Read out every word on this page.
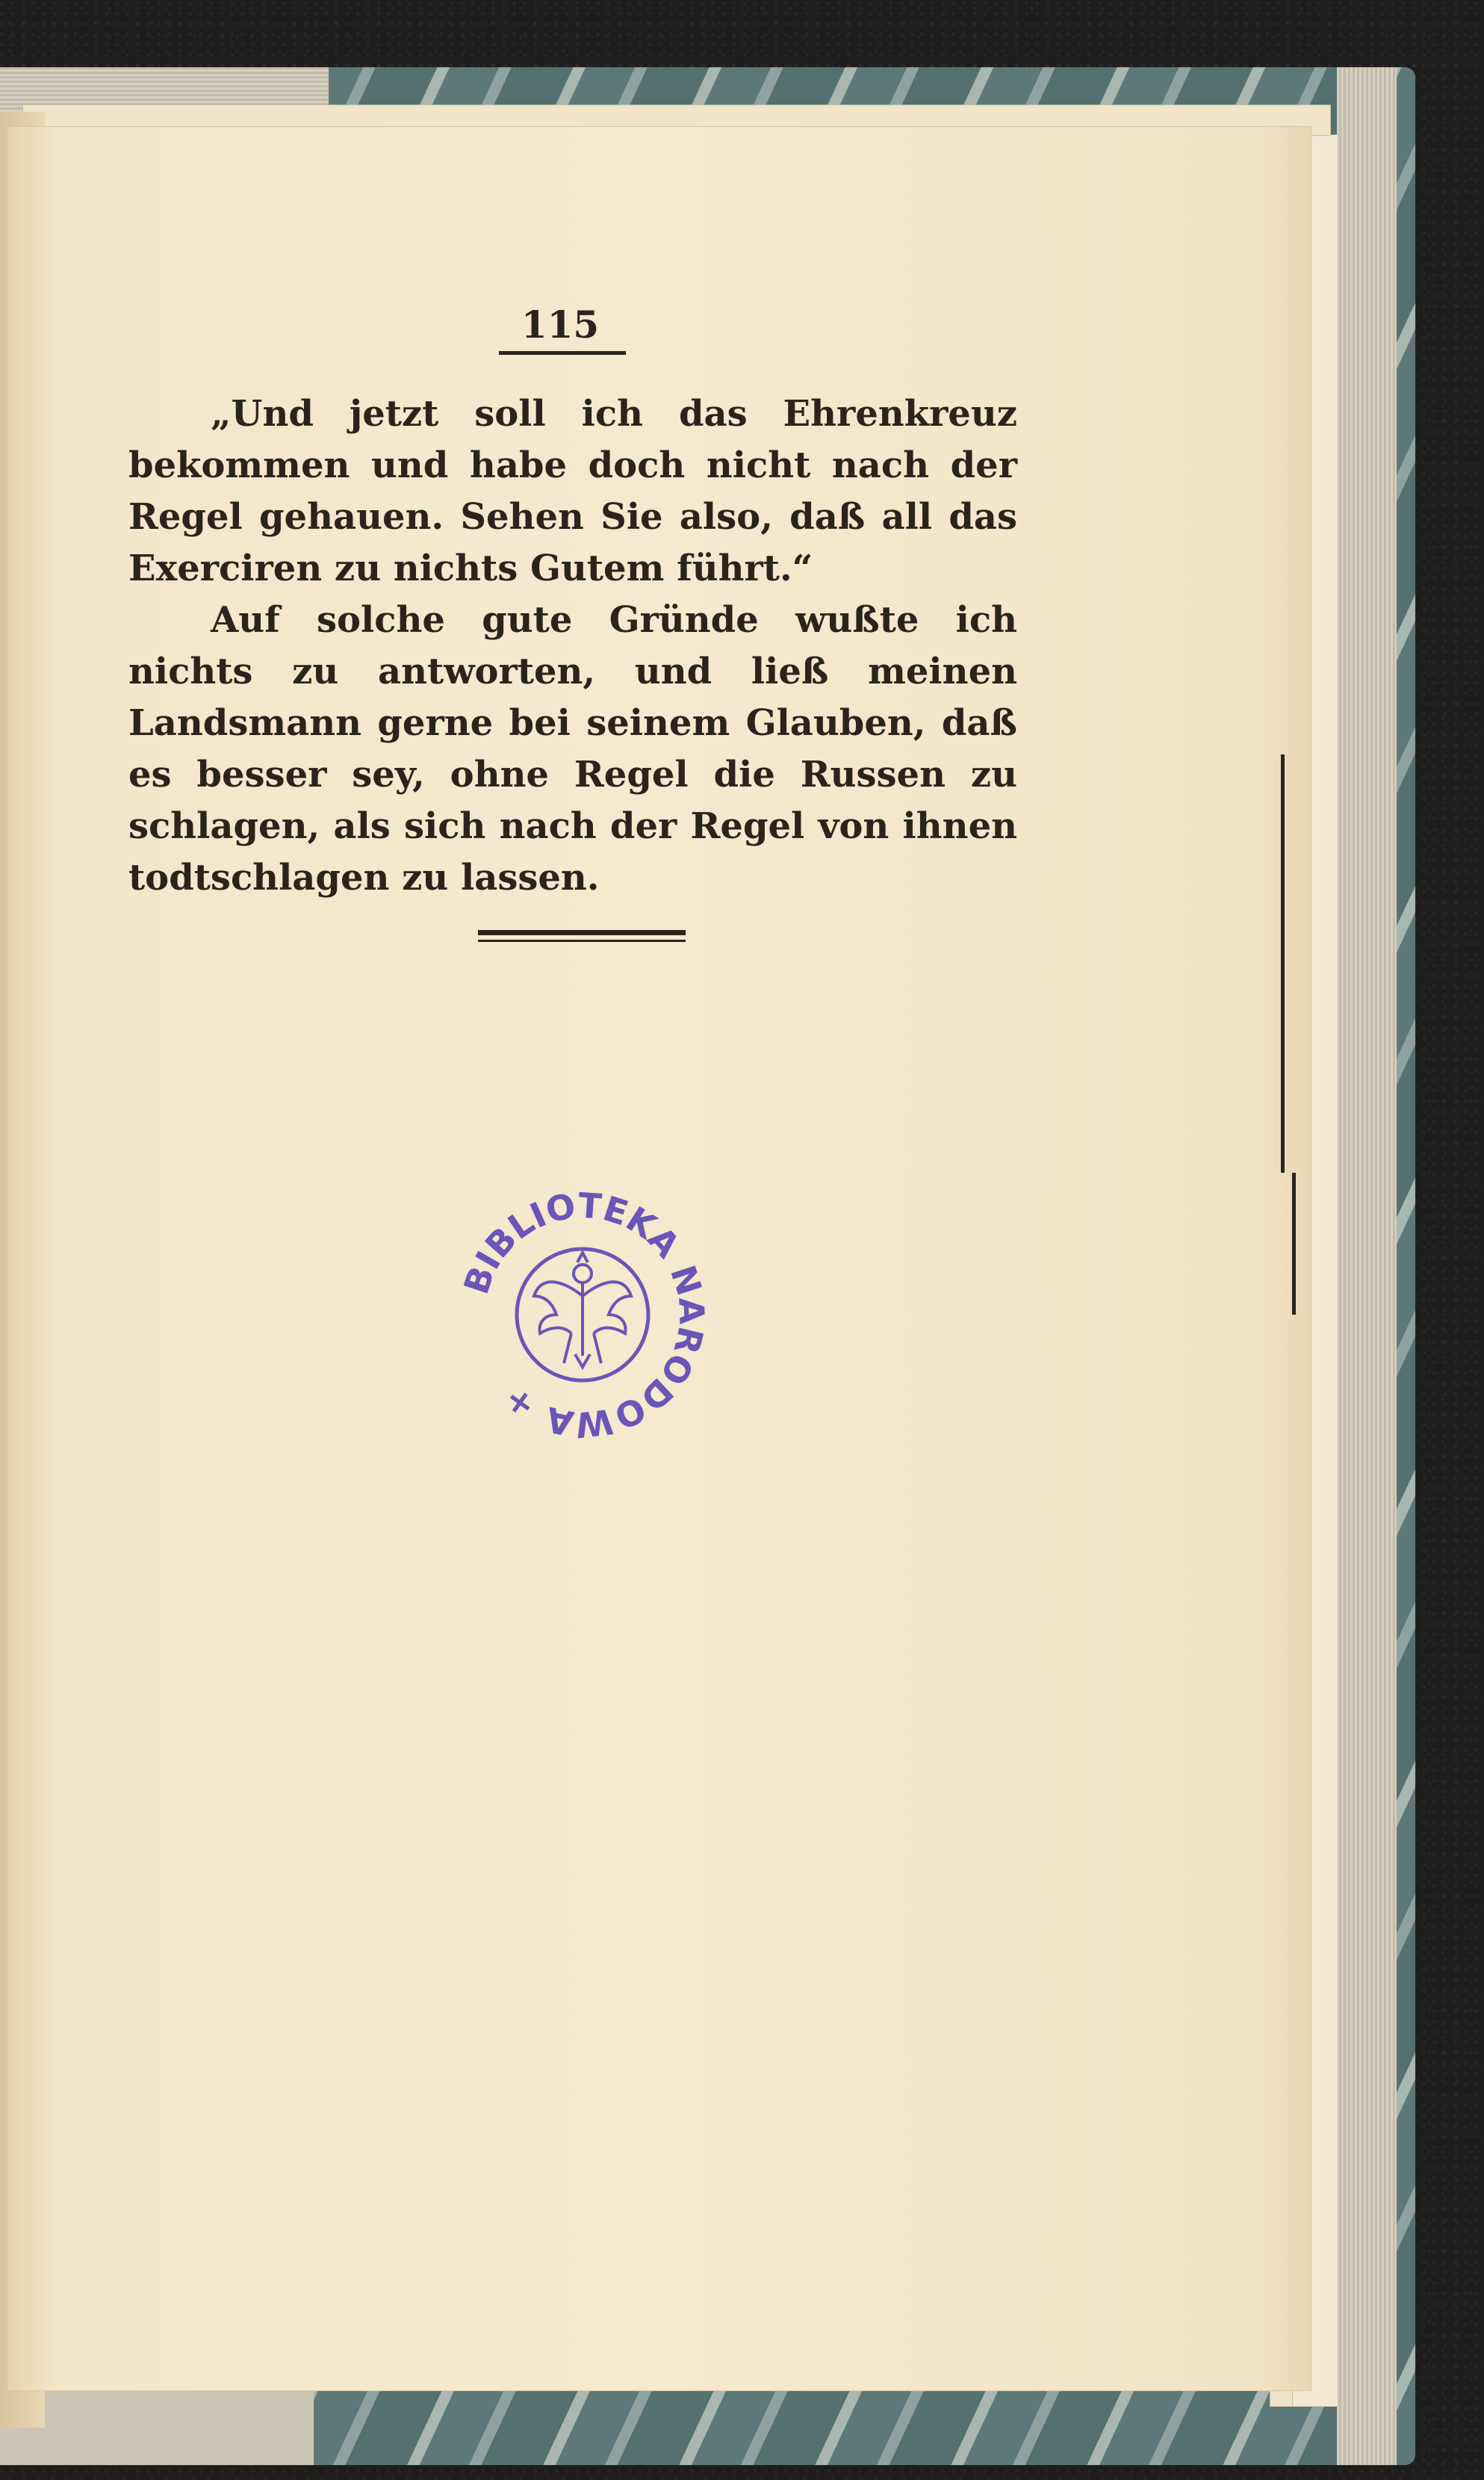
115

„Und jetzt soll ich das Ehrenkreuz bekommen und habe doch nicht nach der Regel gehauen. Sehen Sie also, daß all das Exerciren zu nichts Gutem führt.“

Auf solche gute Gründe wußte ich nichts zu antworten, und ließ meinen Landsmann gerne bei seinem Glauben, daß es besser sey, ohne Regel die Russen zu schlagen, als sich nach der Regel von ihnen todtschlagen zu lassen.

BIBLIOTEKA NARODOWA +
